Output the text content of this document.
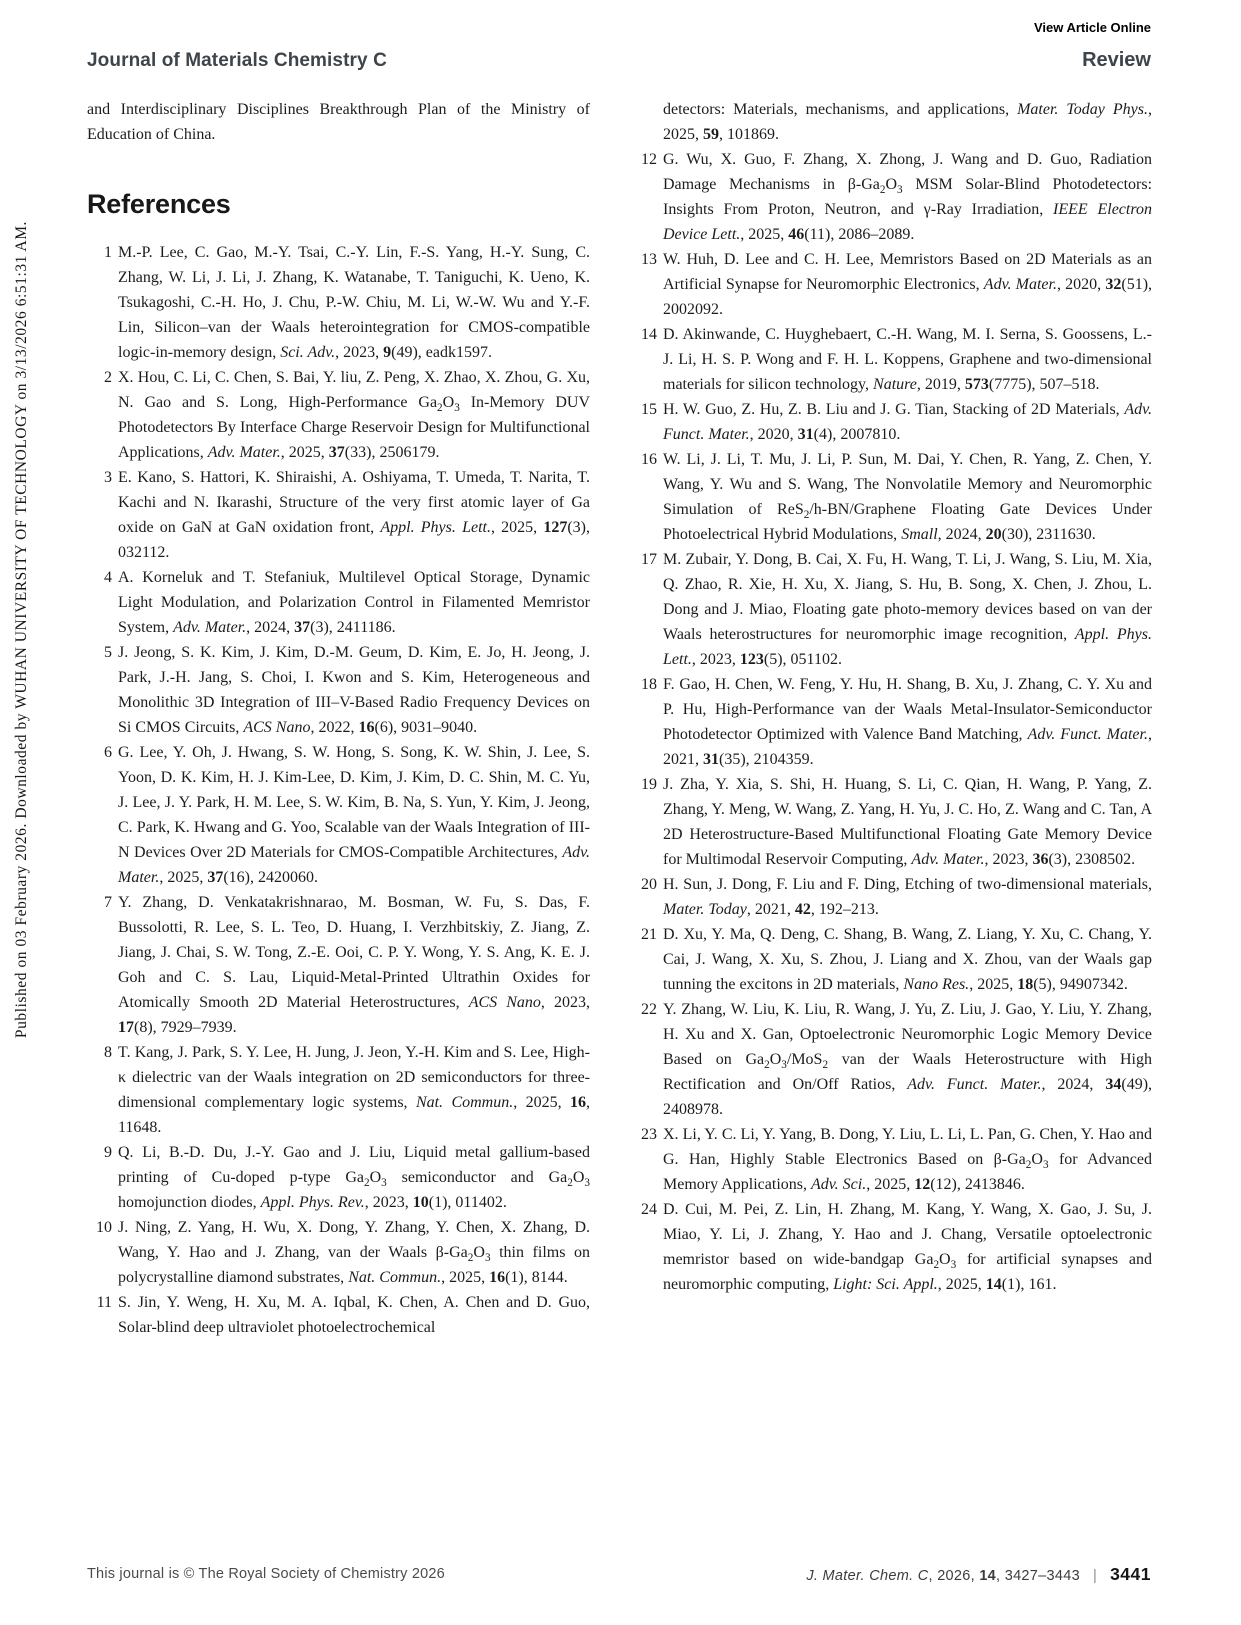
Published on 03 February 2026. Downloaded by WUHAN UNIVERSITY OF TECHNOLOGY on 3/13/2026 6:51:31 AM.
View Article Online
Journal of Materials Chemistry C	Review

and Interdisciplinary Disciplines Breakthrough Plan of the Ministry of Education of China.

References
1 M.-P. Lee, C. Gao, M.-Y. Tsai, C.-Y. Lin, F.-S. Yang, H.-Y. Sung, C. Zhang, W. Li, J. Li, J. Zhang, K. Watanabe, T. Taniguchi, K. Ueno, K. Tsukagoshi, C.-H. Ho, J. Chu, P.-W. Chiu, M. Li, W.-W. Wu and Y.-F. Lin, Silicon–van der Waals heterointegration for CMOS-compatible logic-in-memory design, Sci. Adv., 2023, 9(49), eadk1597.
2 X. Hou, C. Li, C. Chen, S. Bai, Y. liu, Z. Peng, X. Zhao, X. Zhou, G. Xu, N. Gao and S. Long, High-Performance $Ga_2O_3$ In-Memory DUV Photodetectors By Interface Charge Reservoir Design for Multifunctional Applications, Adv. Mater., 2025, 37(33), 2506179.
3 E. Kano, S. Hattori, K. Shiraishi, A. Oshiyama, T. Umeda, T. Narita, T. Kachi and N. Ikarashi, Structure of the very first atomic layer of Ga oxide on GaN at GaN oxidation front, Appl. Phys. Lett., 2025, 127(3), 032112.
4 A. Korneluk and T. Stefaniuk, Multilevel Optical Storage, Dynamic Light Modulation, and Polarization Control in Filamented Memristor System, Adv. Mater., 2024, 37(3), 2411186.
5 J. Jeong, S. K. Kim, J. Kim, D.-M. Geum, D. Kim, E. Jo, H. Jeong, J. Park, J.-H. Jang, S. Choi, I. Kwon and S. Kim, Heterogeneous and Monolithic 3D Integration of III–V-Based Radio Frequency Devices on Si CMOS Circuits, ACS Nano, 2022, 16(6), 9031–9040.
6 G. Lee, Y. Oh, J. Hwang, S. W. Hong, S. Song, K. W. Shin, J. Lee, S. Yoon, D. K. Kim, H. J. Kim-Lee, D. Kim, J. Kim, D. C. Shin, M. C. Yu, J. Lee, J. Y. Park, H. M. Lee, S. W. Kim, B. Na, S. Yun, Y. Kim, J. Jeong, C. Park, K. Hwang and G. Yoo, Scalable van der Waals Integration of III-N Devices Over 2D Materials for CMOS-Compatible Architectures, Adv. Mater., 2025, 37(16), 2420060.
7 Y. Zhang, D. Venkatakrishnarao, M. Bosman, W. Fu, S. Das, F. Bussolotti, R. Lee, S. L. Teo, D. Huang, I. Verzhbitskiy, Z. Jiang, Z. Jiang, J. Chai, S. W. Tong, Z.-E. Ooi, C. P. Y. Wong, Y. S. Ang, K. E. J. Goh and C. S. Lau, Liquid-Metal-Printed Ultrathin Oxides for Atomically Smooth 2D Material Heterostructures, ACS Nano, 2023, 17(8), 7929–7939.
8 T. Kang, J. Park, S. Y. Lee, H. Jung, J. Jeon, Y.-H. Kim and S. Lee, High-κ dielectric van der Waals integration on 2D semiconductors for three-dimensional complementary logic systems, Nat. Commun., 2025, 16, 11648.
9 Q. Li, B.-D. Du, J.-Y. Gao and J. Liu, Liquid metal gallium-based printing of Cu-doped p-type $Ga_2O_3$ semiconductor and $Ga_2O_3$ homojunction diodes, Appl. Phys. Rev., 2023, 10(1), 011402.
10 J. Ning, Z. Yang, H. Wu, X. Dong, Y. Zhang, Y. Chen, X. Zhang, D. Wang, Y. Hao and J. Zhang, van der Waals $\beta-Ga_2O_3$ thin films on polycrystalline diamond substrates, Nat. Commun., 2025, 16(1), 8144.
11 S. Jin, Y. Weng, H. Xu, M. A. Iqbal, K. Chen, A. Chen and D. Guo, Solar-blind deep ultraviolet photoelectrochemical
detectors: Materials, mechanisms, and applications, Mater. Today Phys., 2025, 59, 101869.
12 G. Wu, X. Guo, F. Zhang, X. Zhong, J. Wang and D. Guo, Radiation Damage Mechanisms in $\beta-Ga_2O_3$ MSM Solar-Blind Photodetectors: Insights From Proton, Neutron, and γ-Ray Irradiation, IEEE Electron Device Lett., 2025, 46(11), 2086–2089.
13 W. Huh, D. Lee and C. H. Lee, Memristors Based on 2D Materials as an Artificial Synapse for Neuromorphic Electronics, Adv. Mater., 2020, 32(51), 2002092.
14 D. Akinwande, C. Huyghebaert, C.-H. Wang, M. I. Serna, S. Goossens, L.-J. Li, H. S. P. Wong and F. H. L. Koppens, Graphene and two-dimensional materials for silicon technology, Nature, 2019, 573(7775), 507–518.
15 H. W. Guo, Z. Hu, Z. B. Liu and J. G. Tian, Stacking of 2D Materials, Adv. Funct. Mater., 2020, 31(4), 2007810.
16 W. Li, J. Li, T. Mu, J. Li, P. Sun, M. Dai, Y. Chen, R. Yang, Z. Chen, Y. Wang, Y. Wu and S. Wang, The Nonvolatile Memory and Neuromorphic Simulation of ReS$_2$/h-BN/Graphene Floating Gate Devices Under Photoelectrical Hybrid Modulations, Small, 2024, 20(30), 2311630.
17 M. Zubair, Y. Dong, B. Cai, X. Fu, H. Wang, T. Li, J. Wang, S. Liu, M. Xia, Q. Zhao, R. Xie, H. Xu, X. Jiang, S. Hu, B. Song, X. Chen, J. Zhou, L. Dong and J. Miao, Floating gate photo-memory devices based on van der Waals heterostructures for neuromorphic image recognition, Appl. Phys. Lett., 2023, 123(5), 051102.
18 F. Gao, H. Chen, W. Feng, Y. Hu, H. Shang, B. Xu, J. Zhang, C. Y. Xu and P. Hu, High-Performance van der Waals Metal-Insulator-Semiconductor Photodetector Optimized with Valence Band Matching, Adv. Funct. Mater., 2021, 31(35), 2104359.
19 J. Zha, Y. Xia, S. Shi, H. Huang, S. Li, C. Qian, H. Wang, P. Yang, Z. Zhang, Y. Meng, W. Wang, Z. Yang, H. Yu, J. C. Ho, Z. Wang and C. Tan, A 2D Heterostructure-Based Multifunctional Floating Gate Memory Device for Multimodal Reservoir Computing, Adv. Mater., 2023, 36(3), 2308502.
20 H. Sun, J. Dong, F. Liu and F. Ding, Etching of two-dimensional materials, Mater. Today, 2021, 42, 192–213.
21 D. Xu, Y. Ma, Q. Deng, C. Shang, B. Wang, Z. Liang, Y. Xu, C. Chang, Y. Cai, J. Wang, X. Xu, S. Zhou, J. Liang and X. Zhou, van der Waals gap tunning the excitons in 2D materials, Nano Res., 2025, 18(5), 94907342.
22 Y. Zhang, W. Liu, K. Liu, R. Wang, J. Yu, Z. Liu, J. Gao, Y. Liu, Y. Zhang, H. Xu and X. Gan, Optoelectronic Neuromorphic Logic Memory Device Based on $Ga_2O_3/MoS_2$ van der Waals Heterostructure with High Rectification and On/Off Ratios, Adv. Funct. Mater., 2024, 34(49), 2408978.
23 X. Li, Y. C. Li, Y. Yang, B. Dong, Y. Liu, L. Li, L. Pan, G. Chen, Y. Hao and G. Han, Highly Stable Electronics Based on $\beta-Ga_2O_3$ for Advanced Memory Applications, Adv. Sci., 2025, 12(12), 2413846.
24 D. Cui, M. Pei, Z. Lin, H. Zhang, M. Kang, Y. Wang, X. Gao, J. Su, J. Miao, Y. Li, J. Zhang, Y. Hao and J. Chang, Versatile optoelectronic memristor based on wide-bandgap $Ga_2O_3$ for artificial synapses and neuromorphic computing, Light: Sci. Appl., 2025, 14(1), 161.
This journal is © The Royal Society of Chemistry 2026	J. Mater. Chem. C, 2026, 14, 3427–3443 | 3441
